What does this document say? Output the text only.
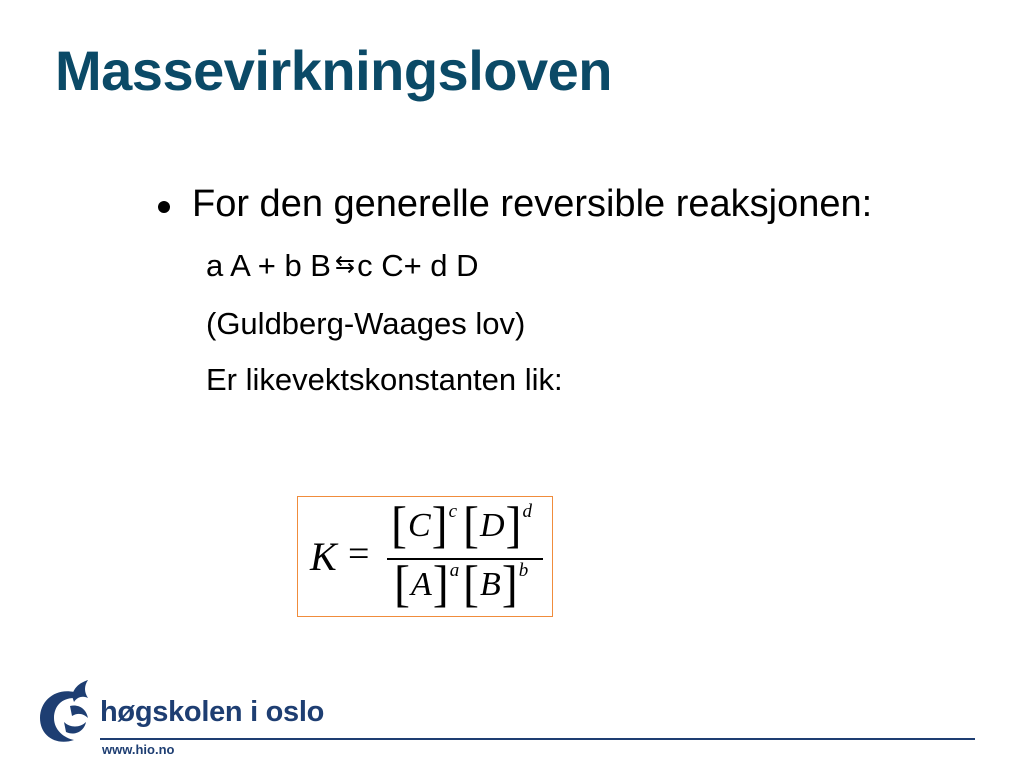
Massevirkningsloven
For den generelle reversible reaksjonen:
a A + b B ⇆c C+ d D
(Guldberg-Waages lov)
Er likevektskonstanten lik:
K =
[ C ] c [ D ] d
[ A ] a [ B ] b
høgskolen i oslo
www.hio.no
